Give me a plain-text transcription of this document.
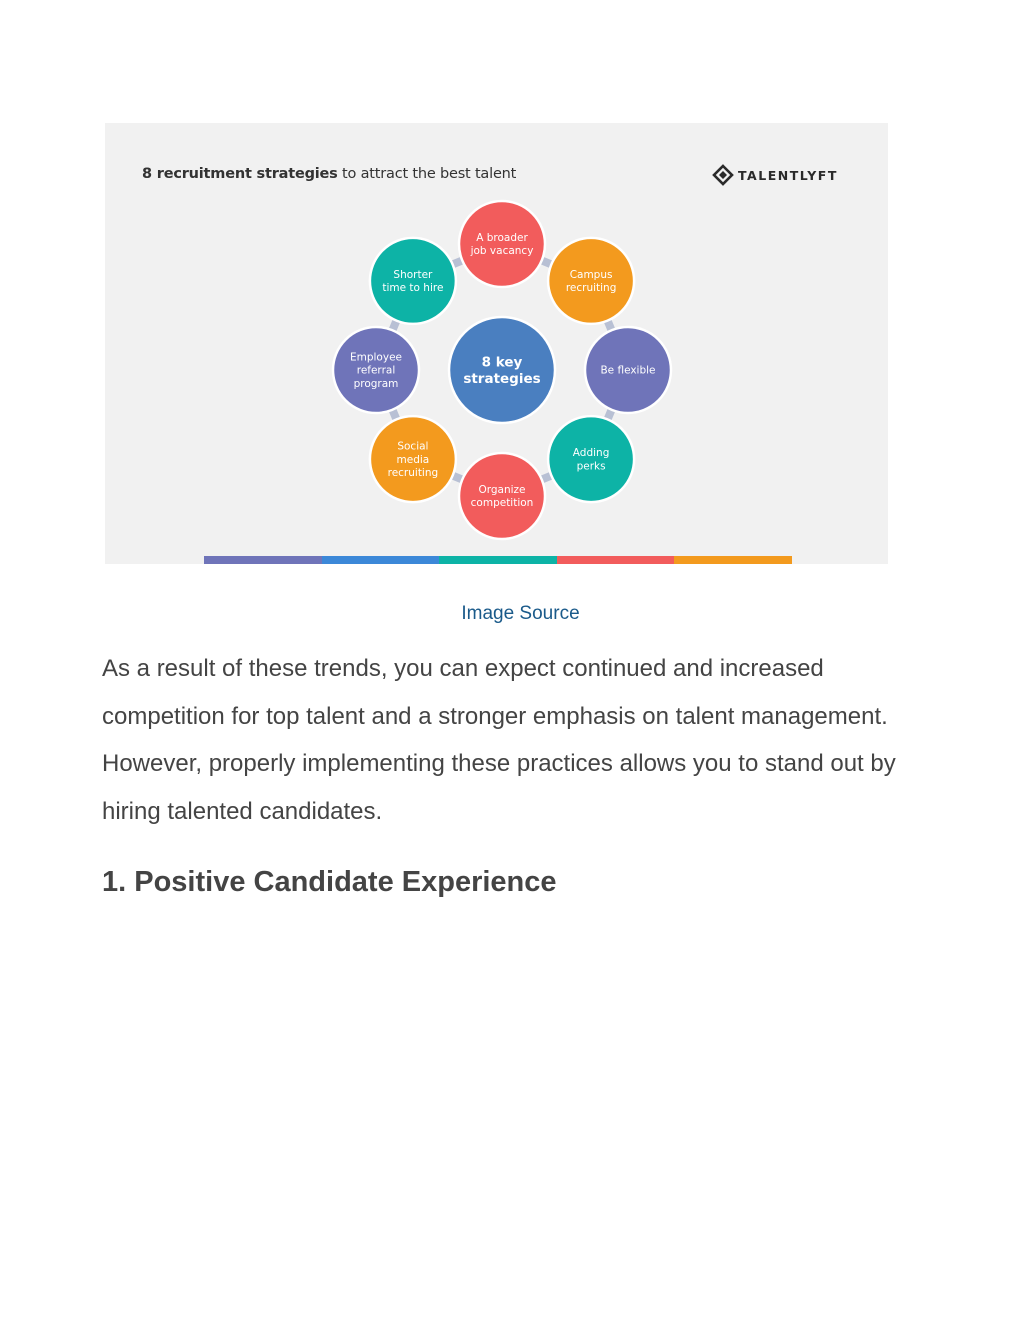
8 recruitment strategies to attract the best talent	TALENTLYFT
A broader
job vacancy
Campus
recruiting
Be flexible
Adding
perks
Organize
competition
Social
media
recruiting
Employee
referral
program
Shorter
time to hire
8 key
strategies
Image Source

As a result of these trends, you can expect continued and increased competition for top talent and a stronger emphasis on talent management. However, properly implementing these practices allows you to stand out by hiring talented candidates.

1. Positive Candidate Experience
